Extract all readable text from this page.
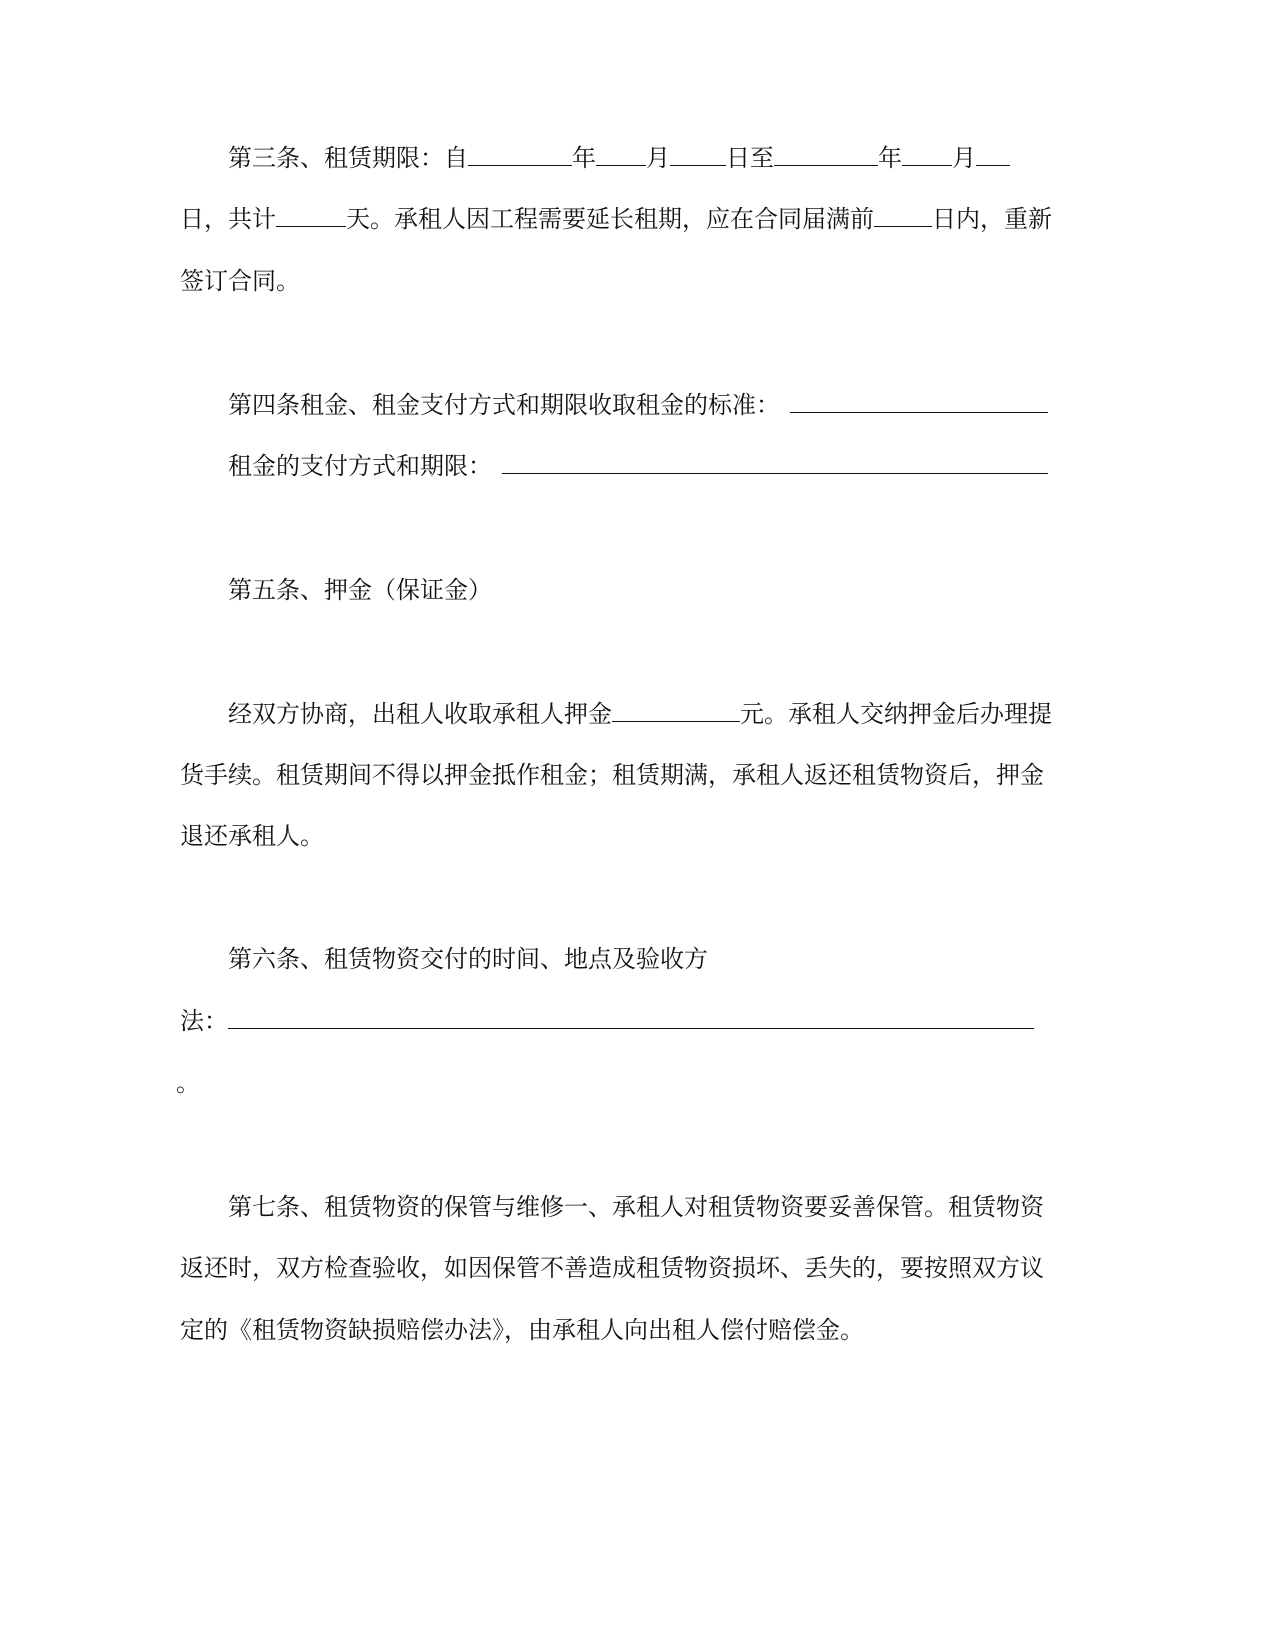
第三条、租赁期限：自	年 月 日至	年 月
日，共计	天。承租人因工程需要延长租期，应在合同届满前 日内，重新
签订合同。
第四条租金、租金支付方式和期限收取租金的标准：
租金的支付方式和期限：
第五条、押金（保证金）
经双方协商，出租人收取承租人押金	元。承租人交纳押金后办理提
货手续。租赁期间不得以押金抵作租金；租赁期满，承租人返还租赁物资后，押金
退还承租人。
第六条、租赁物资交付的时间、地点及验收方
法：
。
第七条、租赁物资的保管与维修一、承租人对租赁物资要妥善保管。租赁物资
返还时，双方检查验收，如因保管不善造成租赁物资损坏、丢失的，要按照双方议
定的《租赁物资缺损赔偿办法》，由承租人向出租人偿付赔偿金。
